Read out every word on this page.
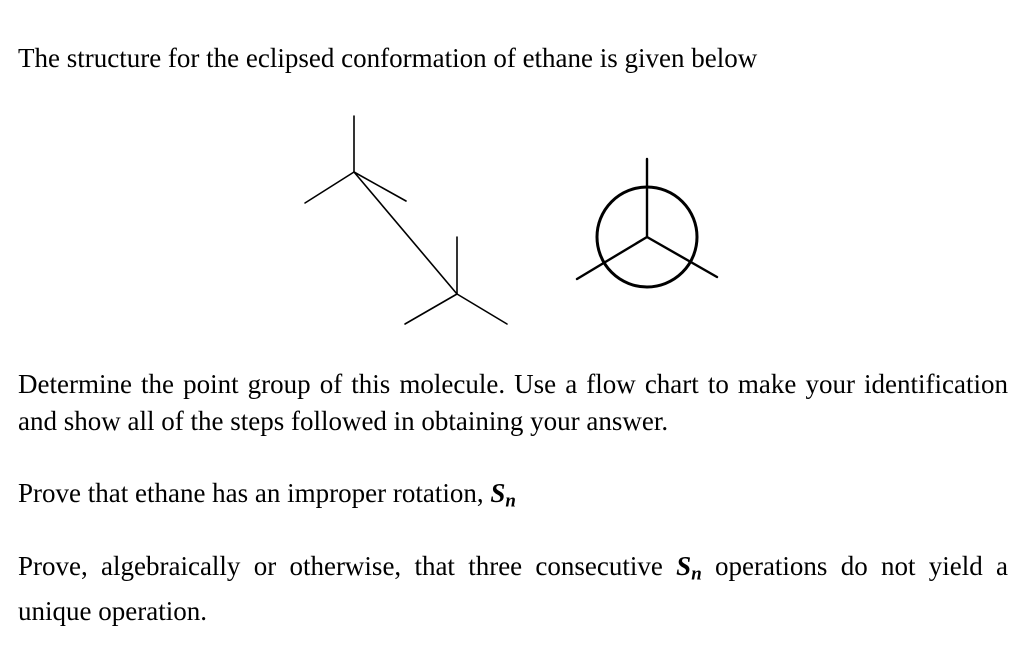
The structure for the eclipsed conformation of ethane is given below

Determine the point group of this molecule. Use a flow chart to make your identification and show all of the steps followed in obtaining your answer.

Prove that ethane has an improper rotation, $S_n$

Prove, algebraically or otherwise, that three consecutive $S_n$ operations do not yield a unique operation.
